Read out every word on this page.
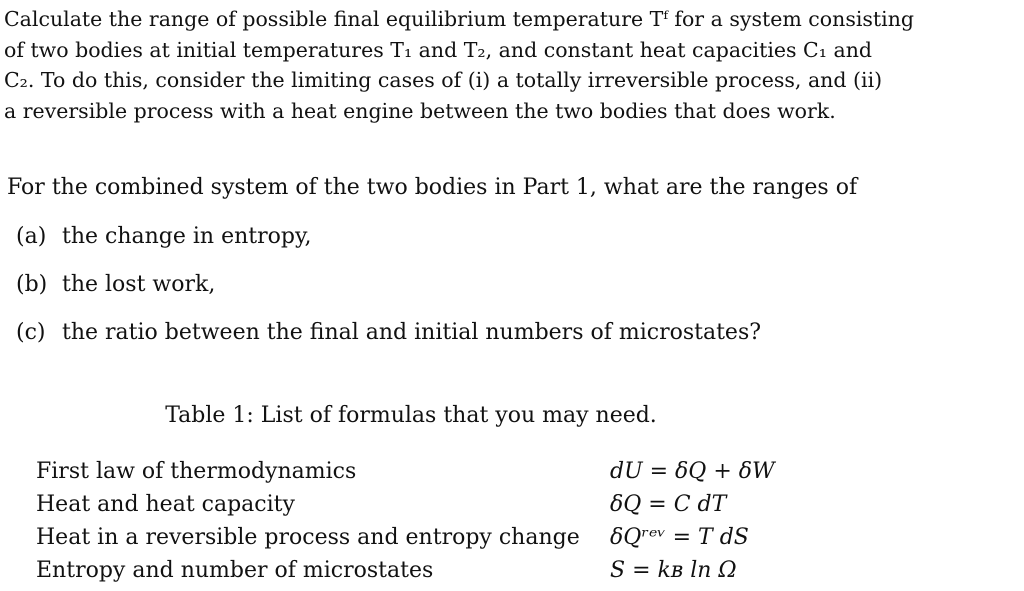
Calculate the range of possible final equilibrium temperature Tᶠ for a system consisting
of two bodies at initial temperatures T₁ and T₂, and constant heat capacities C₁ and
C₂. To do this, consider the limiting cases of (i) a totally irreversible process, and (ii)
a reversible process with a heat engine between the two bodies that does work.

For the combined system of the two bodies in Part 1, what are the ranges of

(a) the change in entropy,
(b) the lost work,
(c) the ratio between the final and initial numbers of microstates?

Table 1: List of formulas that you may need.

First law of thermodynamics	dU = δQ + δW
Heat and heat capacity	δQ = C dT
Heat in a reversible process and entropy change δQʳᵉᵛ = T dS
Entropy and number of microstates	S = kʙ ln Ω
